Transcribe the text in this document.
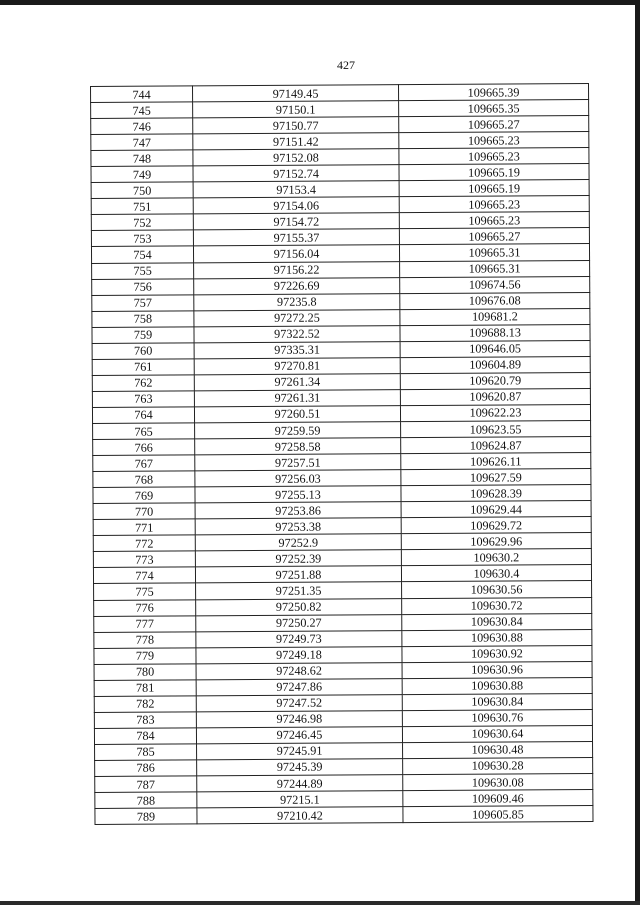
427
744	97149.45	109665.39
745	97150.1	109665.35
746	97150.77	109665.27
747	97151.42	109665.23
748	97152.08	109665.23
749	97152.74	109665.19
750	97153.4	109665.19
751	97154.06	109665.23
752	97154.72	109665.23
753	97155.37	109665.27
754	97156.04	109665.31
755	97156.22	109665.31
756	97226.69	109674.56
757	97235.8	109676.08
758	97272.25	109681.2
759	97322.52	109688.13
760	97335.31	109646.05
761	97270.81	109604.89
762	97261.34	109620.79
763	97261.31	109620.87
764	97260.51	109622.23
765	97259.59	109623.55
766	97258.58	109624.87
767	97257.51	109626.11
768	97256.03	109627.59
769	97255.13	109628.39
770	97253.86	109629.44
771	97253.38	109629.72
772	97252.9	109629.96
773	97252.39	109630.2
774	97251.88	109630.4
775	97251.35	109630.56
776	97250.82	109630.72
777	97250.27	109630.84
778	97249.73	109630.88
779	97249.18	109630.92
780	97248.62	109630.96
781	97247.86	109630.88
782	97247.52	109630.84
783	97246.98	109630.76
784	97246.45	109630.64
785	97245.91	109630.48
786	97245.39	109630.28
787	97244.89	109630.08
788	97215.1	109609.46
789	97210.42	109605.85
